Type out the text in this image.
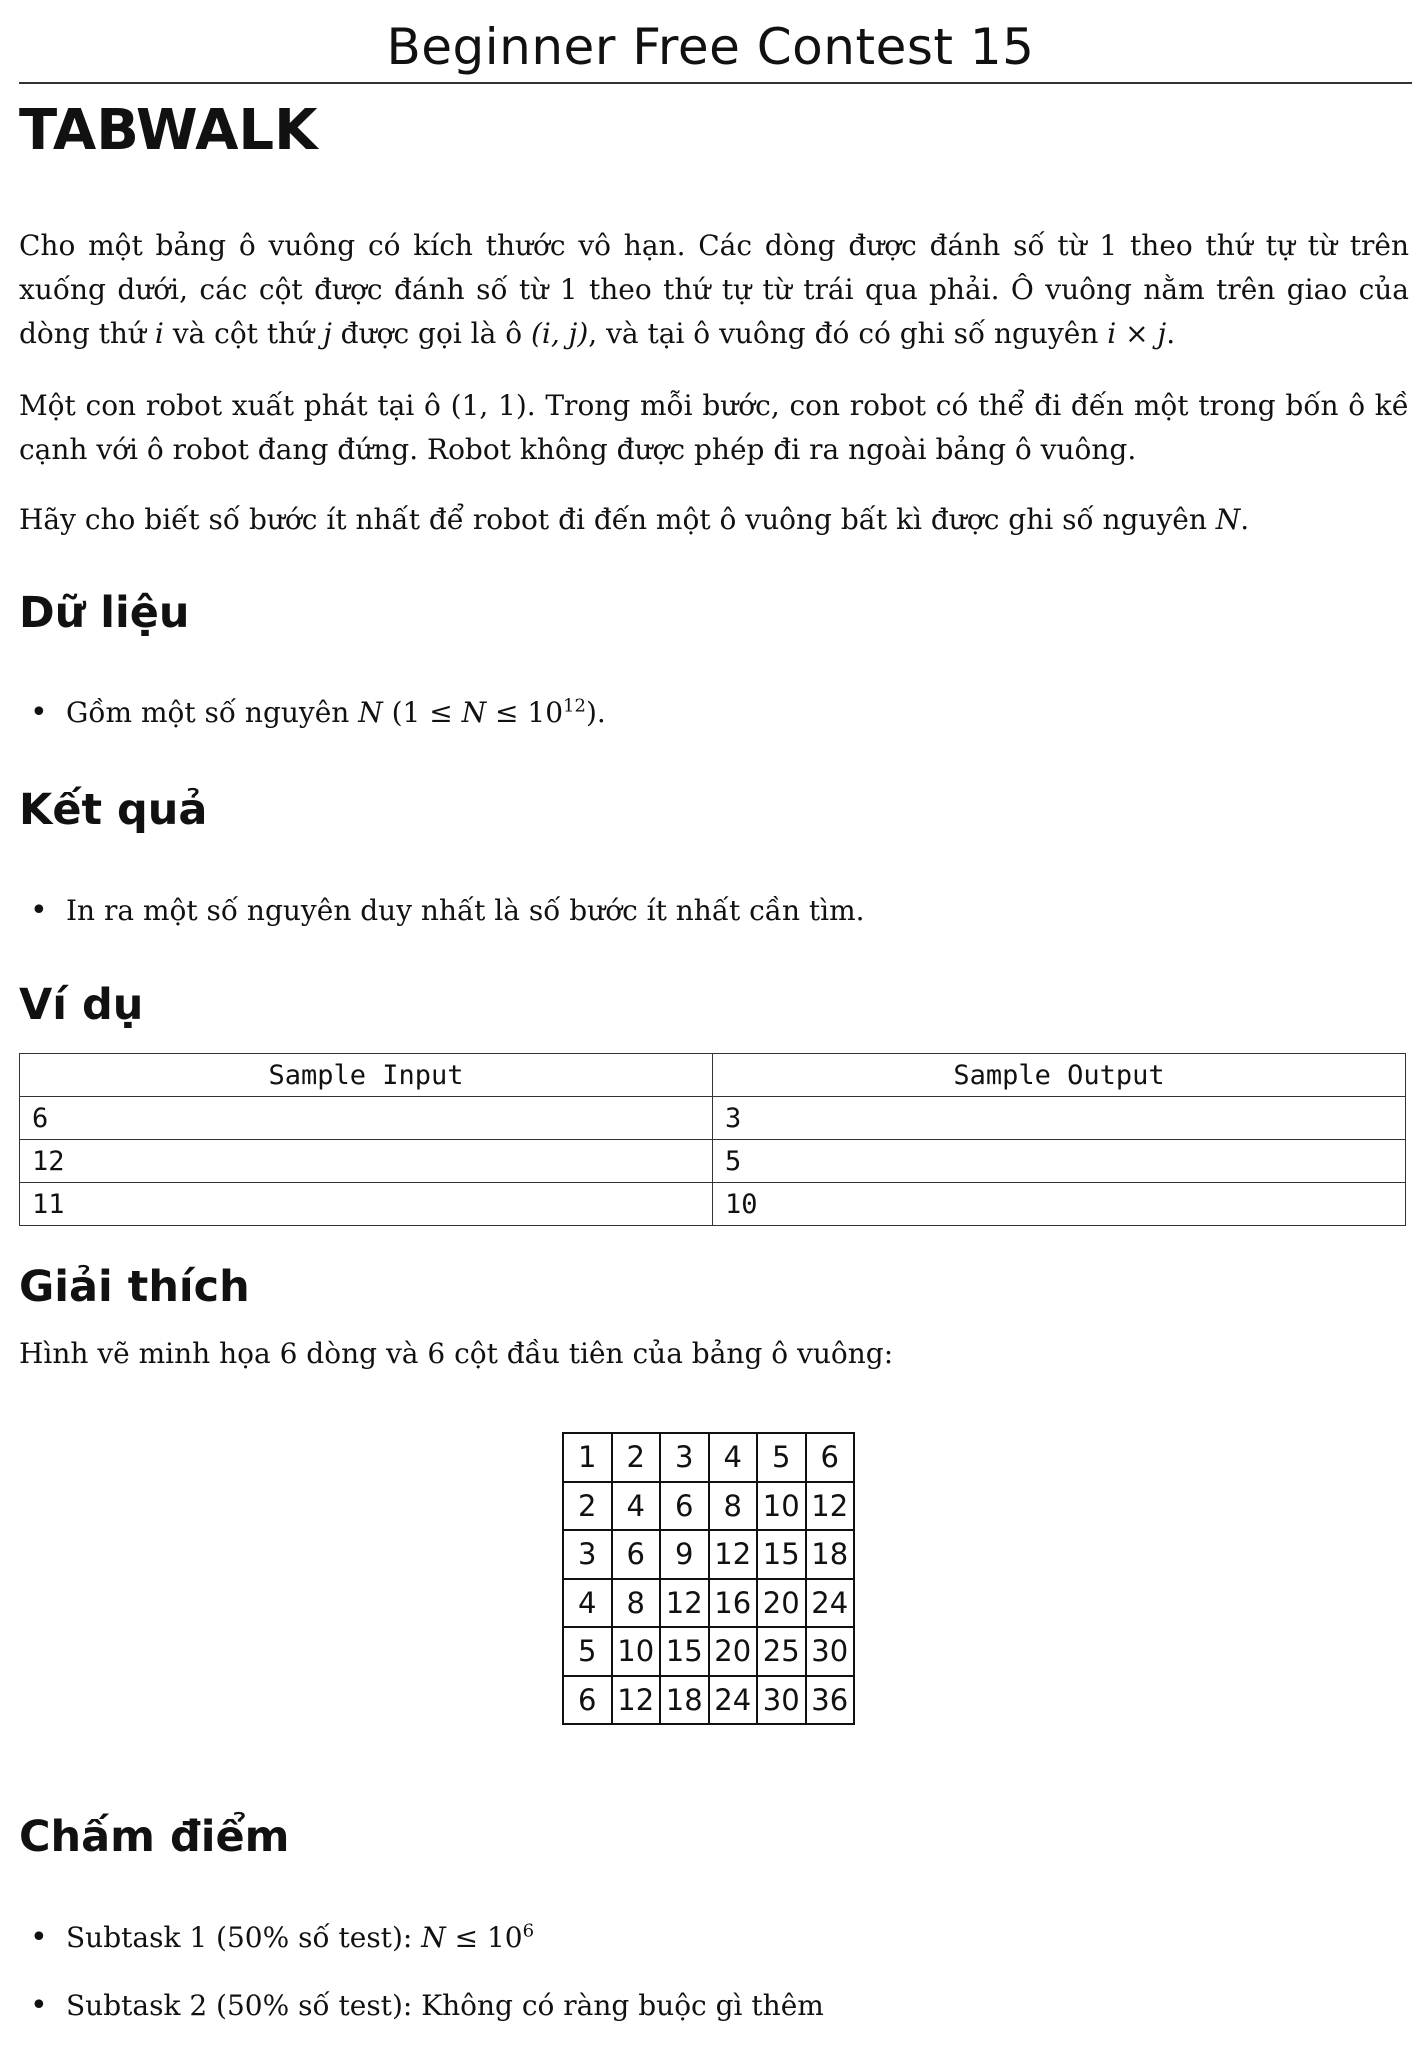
Beginner Free Contest 15
TABWALK

Cho một bảng ô vuông có kích thước vô hạn. Các dòng được đánh số từ 1 theo thứ tự từ trên xuống dưới, các cột được đánh số từ 1 theo thứ tự từ trái qua phải. Ô vuông nằm trên giao của dòng thứ i và cột thứ j được gọi là ô (i, j), và tại ô vuông đó có ghi số nguyên i × j.

Một con robot xuất phát tại ô (1, 1). Trong mỗi bước, con robot có thể đi đến một trong bốn ô kề cạnh với ô robot đang đứng. Robot không được phép đi ra ngoài bảng ô vuông.

Hãy cho biết số bước ít nhất để robot đi đến một ô vuông bất kì được ghi số nguyên N.

Dữ liệu
• Gồm một số nguyên N $(1 \le N \le 10^{12})$.
Kết quả
• In ra một số nguyên duy nhất là số bước ít nhất cần tìm.
Ví dụ
Sample Input	Sample Output
6	3
12	5
11	10
Giải thích
Hình vẽ minh họa 6 dòng và 6 cột đầu tiên của bảng ô vuông:
1	2	3	4	5	6
2	4	6	8	10	12
3	6	9	12	15	18
4	8	12	16	20	24
5	10	15	20	25	30
6	12	18	24	30	36
Chấm điểm
• Subtask 1 (50% số test): $N \le 10^6$
• Subtask 2 (50% số test): Không có ràng buộc gì thêm
